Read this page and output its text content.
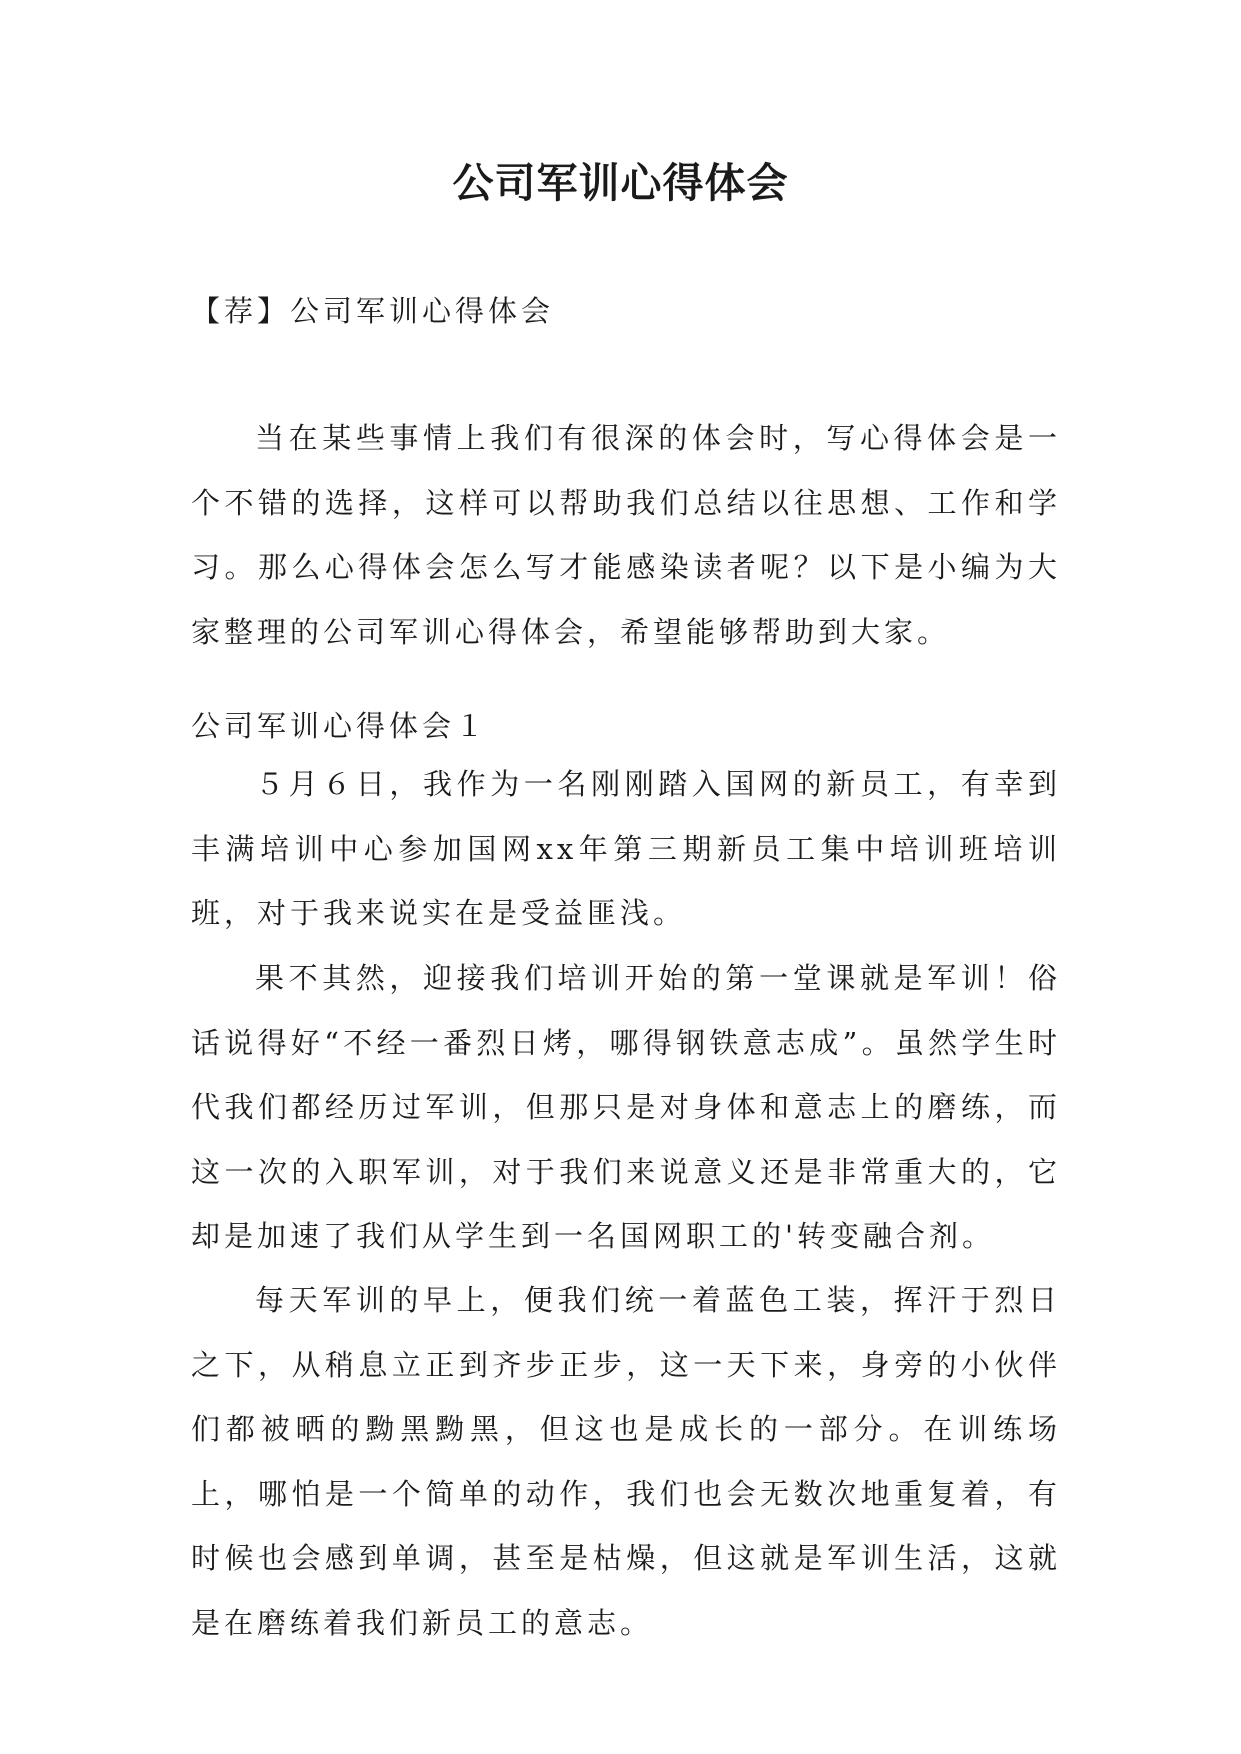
公司军训心得体会

【荐】公司军训心得体会

当在某些事情上我们有很深的体会时，写心得体会是一个不错的选择，这样可以帮助我们总结以往思想、工作和学习。那么心得体会怎么写才能感染读者呢？以下是小编为大家整理的公司军训心得体会，希望能够帮助到大家。

公司军训心得体会１

５月６日，我作为一名刚刚踏入国网的新员工，有幸到丰满培训中心参加国网xx年第三期新员工集中培训班培训班，对于我来说实在是受益匪浅。

果不其然，迎接我们培训开始的第一堂课就是军训！俗话说得好“不经一番烈日烤，哪得钢铁意志成”。虽然学生时代我们都经历过军训，但那只是对身体和意志上的磨练，而这一次的入职军训，对于我们来说意义还是非常重大的，它却是加速了我们从学生到一名国网职工的'转变融合剂。

每天军训的早上，便我们统一着蓝色工装，挥汗于烈日之下，从稍息立正到齐步正步，这一天下来，身旁的小伙伴们都被晒的黝黑黝黑，但这也是成长的一部分。在训练场上，哪怕是一个简单的动作，我们也会无数次地重复着，有时候也会感到单调，甚至是枯燥，但这就是军训生活，这就是在磨练着我们新员工的意志。
